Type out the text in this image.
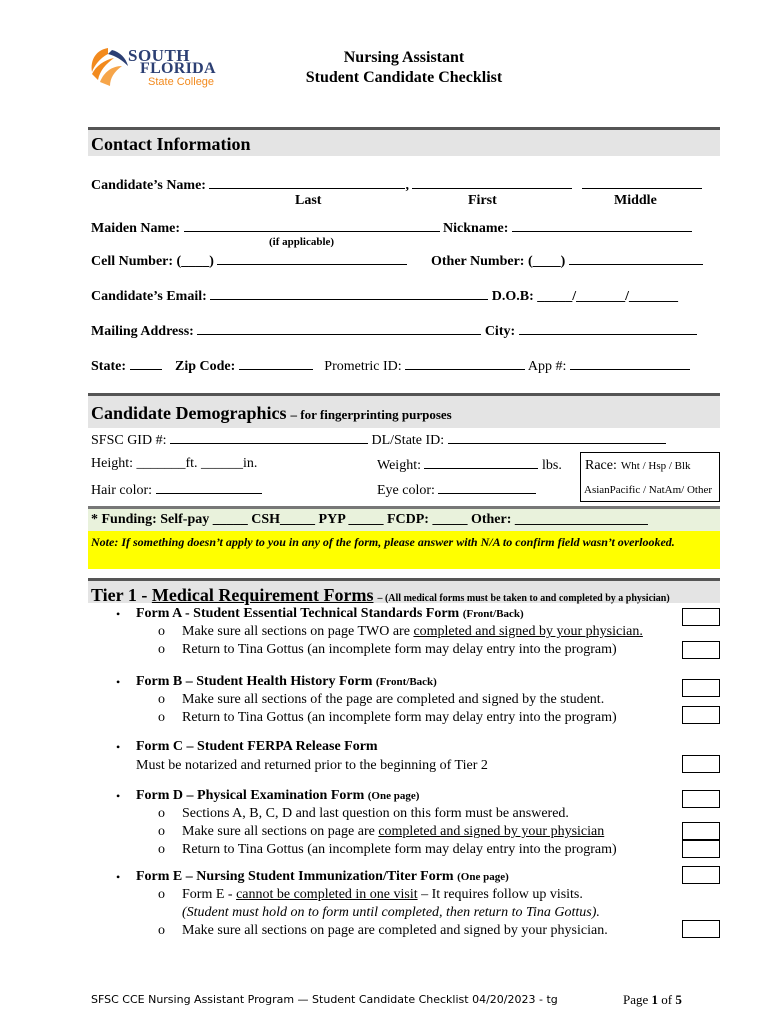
SOUTH
FLORIDA
State College
Nursing Assistant
Student Candidate Checklist
Contact Information
Candidate’s Name:	,
Last	First	Middle
Maiden Name:	Nickname:
(if applicable)
Cell Number: (____)	Other Number: (____)
Candidate’s Email:	D.O.B: _____/_______/_______
Mailing Address:	City:
State:	Zip Code:	Prometric ID:	App #:
Candidate Demographics – for fingerprinting purposes
SFSC GID #:	DL/State ID:
Height: _______ft. ______in.	Weight:	lbs. Race: Wht / Hsp / Blk
AsianPacific / NatAm/ Other
Hair color:	Eye color:
* Funding: Self-pay _____ CSH_____ PYP _____ FCDP: _____ Other: ___________________
Note: If something doesn’t apply to you in any of the form, please answer with N/A to confirm field wasn’t overlooked.
Tier 1 - Medical Requirement Forms – (All medical forms must be taken to and completed by a physician)
• Form A - Student Essential Technical Standards Form (Front/Back)
o Make sure all sections on page TWO are completed and signed by your physician.
o Return to Tina Gottus (an incomplete form may delay entry into the program)
• Form B – Student Health History Form (Front/Back)
o Make sure all sections of the page are completed and signed by the student.
o Return to Tina Gottus (an incomplete form may delay entry into the program)
• Form C – Student FERPA Release Form
Must be notarized and returned prior to the beginning of Tier 2
• Form D – Physical Examination Form (One page)
o Sections A, B, C, D and last question on this form must be answered.
o Make sure all sections on page are completed and signed by your physician
o Return to Tina Gottus (an incomplete form may delay entry into the program)
• Form E – Nursing Student Immunization/Titer Form (One page)
o Form E - cannot be completed in one visit – It requires follow up visits.
(Student must hold on to form until completed, then return to Tina Gottus).
o Make sure all sections on page are completed and signed by your physician.
SFSC CCE Nursing Assistant Program — Student Candidate Checklist 04/20/2023 - tg	Page 1 of 5
